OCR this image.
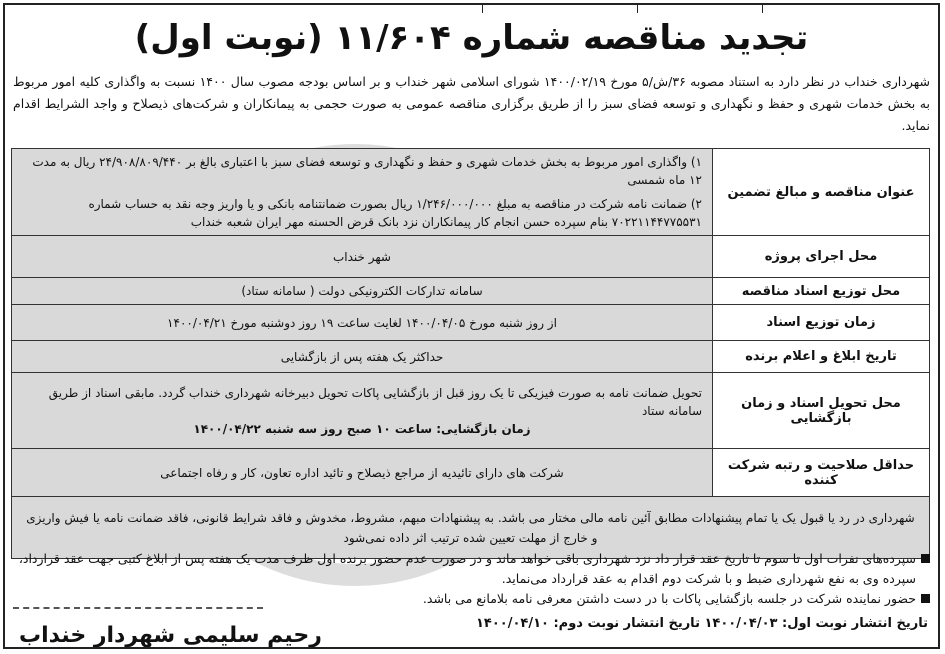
تجدید مناقصه شماره ۱۱/۶۰۴ (نوبت اول)
شهرداری خنداب در نظر دارد به استناد مصوبه ۳۶/ش/۵ مورخ ۱۴۰۰/۰۲/۱۹ شورای اسلامی شهر خنداب و بر اساس بودجه مصوب سال ۱۴۰۰ نسبت به واگذاری کلیه امور مربوط به بخش خدمات شهری و حفظ و نگهداری و توسعه فضای سبز را از طریق برگزاری مناقصه عمومی به صورت حجمی به پیمانکاران و شرکت‌های ذیصلاح و واجد الشرایط اقدام نماید.
عنوان مناقصه و مبالغ تضمین	۱) واگذاری امور مربوط به بخش خدمات شهری و حفظ و نگهداری و توسعه فضای سبز با اعتباری بالغ بر ۲۴/۹۰۸/۸۰۹/۴۴۰ ریال به مدت ۱۲ ماه شمسی
۲) ضمانت نامه شرکت در مناقصه به مبلغ ۱/۲۴۶/۰۰۰/۰۰۰ ریال بصورت ضمانتنامه بانکی و یا واریز وجه نقد به حساب شماره ۷۰۲۲۱۱۴۴۷۷۵۵۳۱ بنام سپرده حسن انجام کار پیمانکاران نزد بانک قرض الحسنه مهر ایران شعبه خنداب

محل اجرای پروژه	شهر خنداب
محل توزیع اسناد مناقصه	سامانه تدارکات الکترونیکی دولت ( سامانه ستاد)
زمان توزیع اسناد	از روز شنبه مورخ ۱۴۰۰/۰۴/۰۵ لغایت ساعت ۱۹ روز دوشنبه مورخ ۱۴۰۰/۰۴/۲۱
تاریخ ابلاغ و اعلام برنده	حداکثر یک هفته پس از بازگشایی
محل تحویل اسناد و زمان بازگشایی	تحویل ضمانت نامه به صورت فیزیکی تا یک روز قبل از بازگشایی پاکات تحویل دبیرخانه شهرداری خنداب گردد. مابقی اسناد از طریق سامانه ستاد
زمان بازگشایی: ساعت ۱۰ صبح روز سه شنبه ۱۴۰۰/۰۴/۲۲

حداقل صلاحیت و رتبه شرکت کننده	شرکت های دارای تائیدیه از مراجع ذیصلاح و تائید اداره تعاون، کار و رفاه اجتماعی
شهرداری در رد یا قبول یک یا تمام پیشنهادات مطابق آئین نامه مالی مختار می باشد. به پیشنهادات مبهم، مشروط، مخدوش و فاقد شرایط قانونی، فاقد ضمانت نامه یا فیش واریزی و خارج از مهلت تعیین شده ترتیب اثر داده نمی‌شود	
سپرده‌های نفرات اول تا سوم تا تاریخ عقد قرار داد نزد شهرداری باقی خواهد ماند و در صورت عدم حضور برنده اول ظرف مدت یک هفته پس از ابلاغ کتبی جهت عقد قرارداد، سپرده وی به نفع شهرداری ضبط و با شرکت دوم اقدام به عقد قرارداد می‌نماید.
حضور نماینده شرکت در جلسه بازگشایی پاکات با در دست داشتن معرفی نامه بلامانع می باشد.
تاریخ انتشار نوبت اول: ۱۴۰۰/۰۴/۰۳ تاریخ انتشار نوبت دوم: ۱۴۰۰/۰۴/۱۰
رحیم سلیمی شهردار خنداب
